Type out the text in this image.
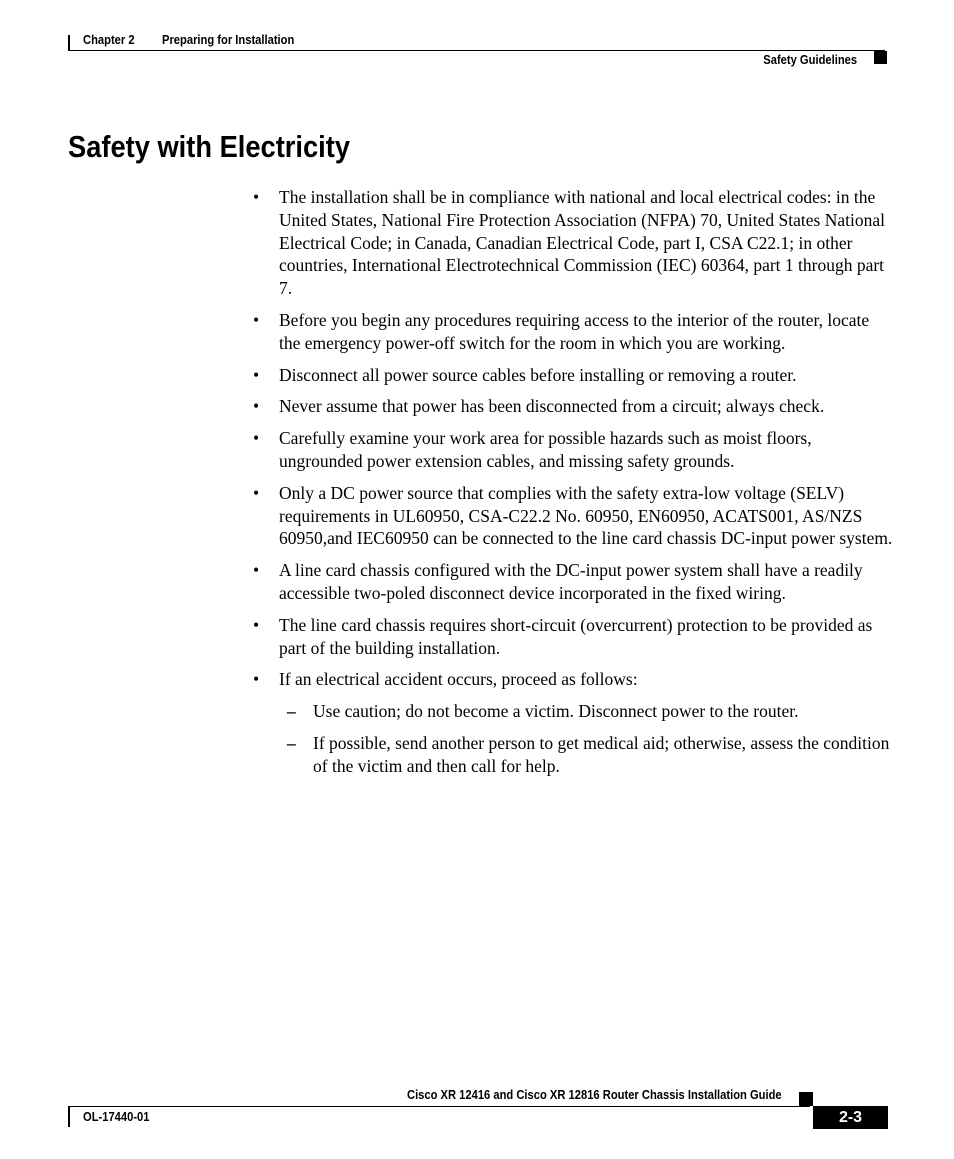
Chapter 2 Preparing for Installation
Safety Guidelines
Safety with Electricity
• The installation shall be in compliance with national and local electrical codes: in the United States, National Fire Protection Association (NFPA) 70, United States National Electrical Code; in Canada, Canadian Electrical Code, part I, CSA C22.1; in other countries, International Electrotechnical Commission (IEC) 60364, part 1 through part 7.
• Before you begin any procedures requiring access to the interior of the router, locate the emergency power-off switch for the room in which you are working.
• Disconnect all power source cables before installing or removing a router.
• Never assume that power has been disconnected from a circuit; always check.
• Carefully examine your work area for possible hazards such as moist floors, ungrounded power extension cables, and missing safety grounds.
• Only a DC power source that complies with the safety extra-low voltage (SELV) requirements in UL60950, CSA-C22.2 No. 60950, EN60950, ACATS001, AS/NZS 60950,and IEC60950 can be connected to the line card chassis DC-input power system.
• A line card chassis configured with the DC-input power system shall have a readily accessible two-poled disconnect device incorporated in the fixed wiring.
• The line card chassis requires short-circuit (overcurrent) protection to be provided as part of the building installation.
• If an electrical accident occurs, proceed as follows:
– Use caution; do not become a victim. Disconnect power to the router.
– If possible, send another person to get medical aid; otherwise, assess the condition of the victim and then call for help.
Cisco XR 12416 and Cisco XR 12816 Router Chassis Installation Guide
OL-17440-01	2-3
